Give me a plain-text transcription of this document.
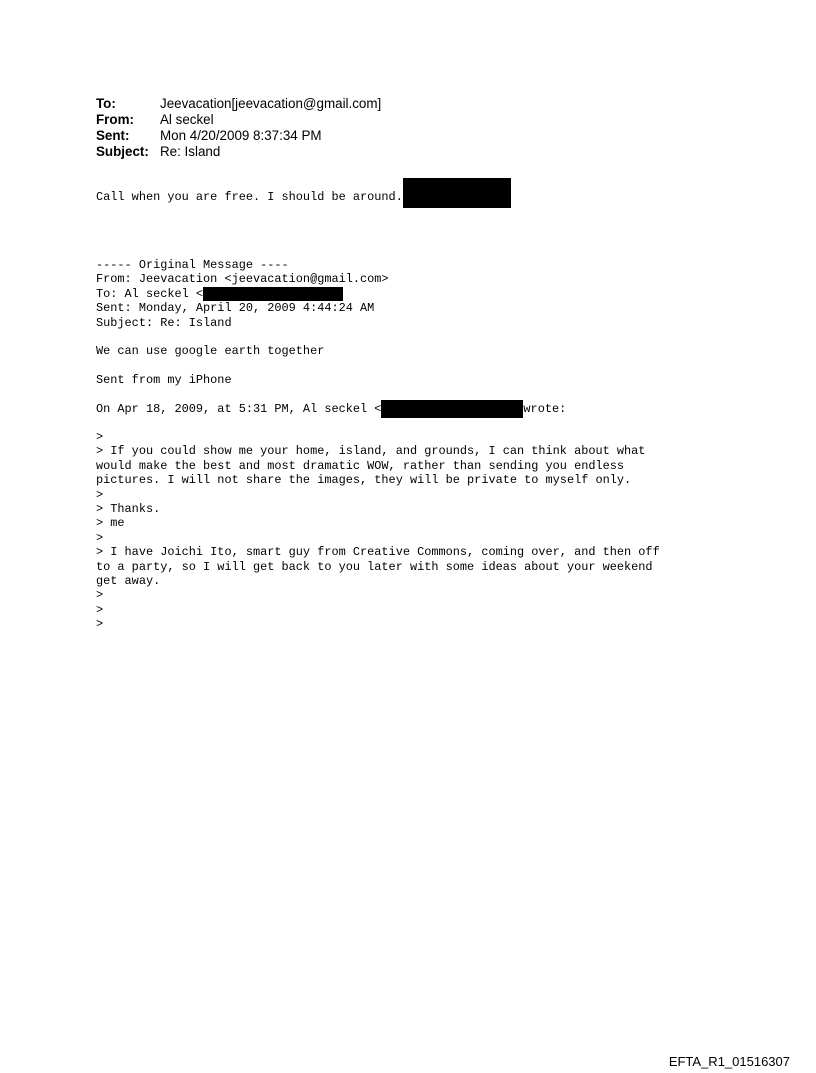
To:	Jeevacation[jeevacation@gmail.com]
From:	Al seckel
Sent:	Mon 4/20/2009 8:37:34 PM
Subject: Re: Island
Call when you are free. I should be around.
----- Original Message ----
From: Jeevacation <jeevacation@gmail.com>
To: Al seckel <
Sent: Monday, April 20, 2009 4:44:24 AM
Subject: Re: Island
We can use google earth together
Sent from my iPhone
On Apr 18, 2009, at 5:31 PM, Al seckel <	wrote:
>
> If you could show me your home, island, and grounds, I can think about what
would make the best and most dramatic WOW, rather than sending you endless
pictures. I will not share the images, they will be private to myself only.
>
> Thanks.
> me
>
> I have Joichi Ito, smart guy from Creative Commons, coming over, and then off
to a party, so I will get back to you later with some ideas about your weekend
get away.
>
>
>
EFTA_R1_01516307
